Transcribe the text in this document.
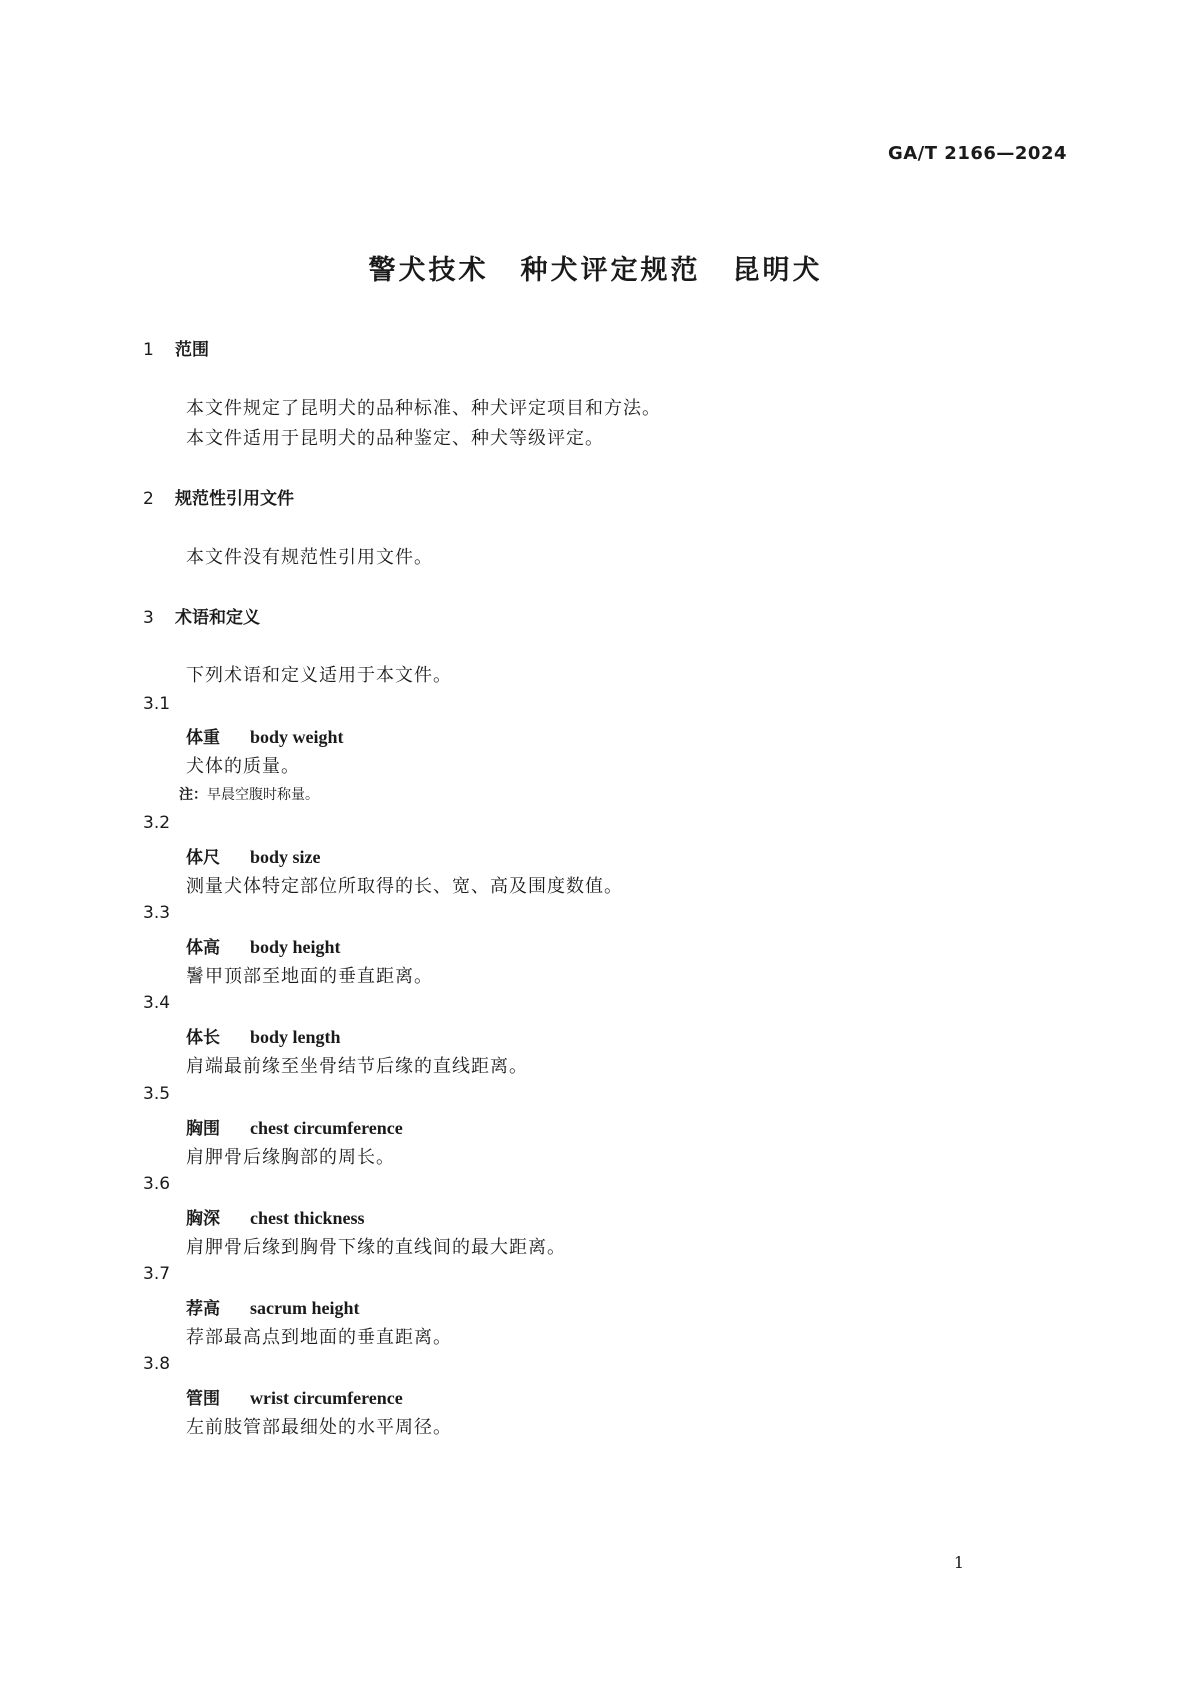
GA/T 2166—2024
警犬技术 种犬评定规范 昆明犬
1 范围
本文件规定了昆明犬的品种标准、种犬评定项目和方法。
本文件适用于昆明犬的品种鉴定、种犬等级评定。
2 规范性引用文件
本文件没有规范性引用文件。
3 术语和定义
下列术语和定义适用于本文件。
3.1
体重 body weight
犬体的质量。
注：早晨空腹时称量。
3.2
体尺 body size
测量犬体特定部位所取得的长、宽、高及围度数值。
3.3
体高 body height
鬐甲顶部至地面的垂直距离。
3.4
体长 body length
肩端最前缘至坐骨结节后缘的直线距离。
3.5
胸围 chest circumference
肩胛骨后缘胸部的周长。
3.6
胸深 chest thickness
肩胛骨后缘到胸骨下缘的直线间的最大距离。
3.7
荐高 sacrum height
荐部最高点到地面的垂直距离。
3.8
管围 wrist circumference
左前肢管部最细处的水平周径。
1
